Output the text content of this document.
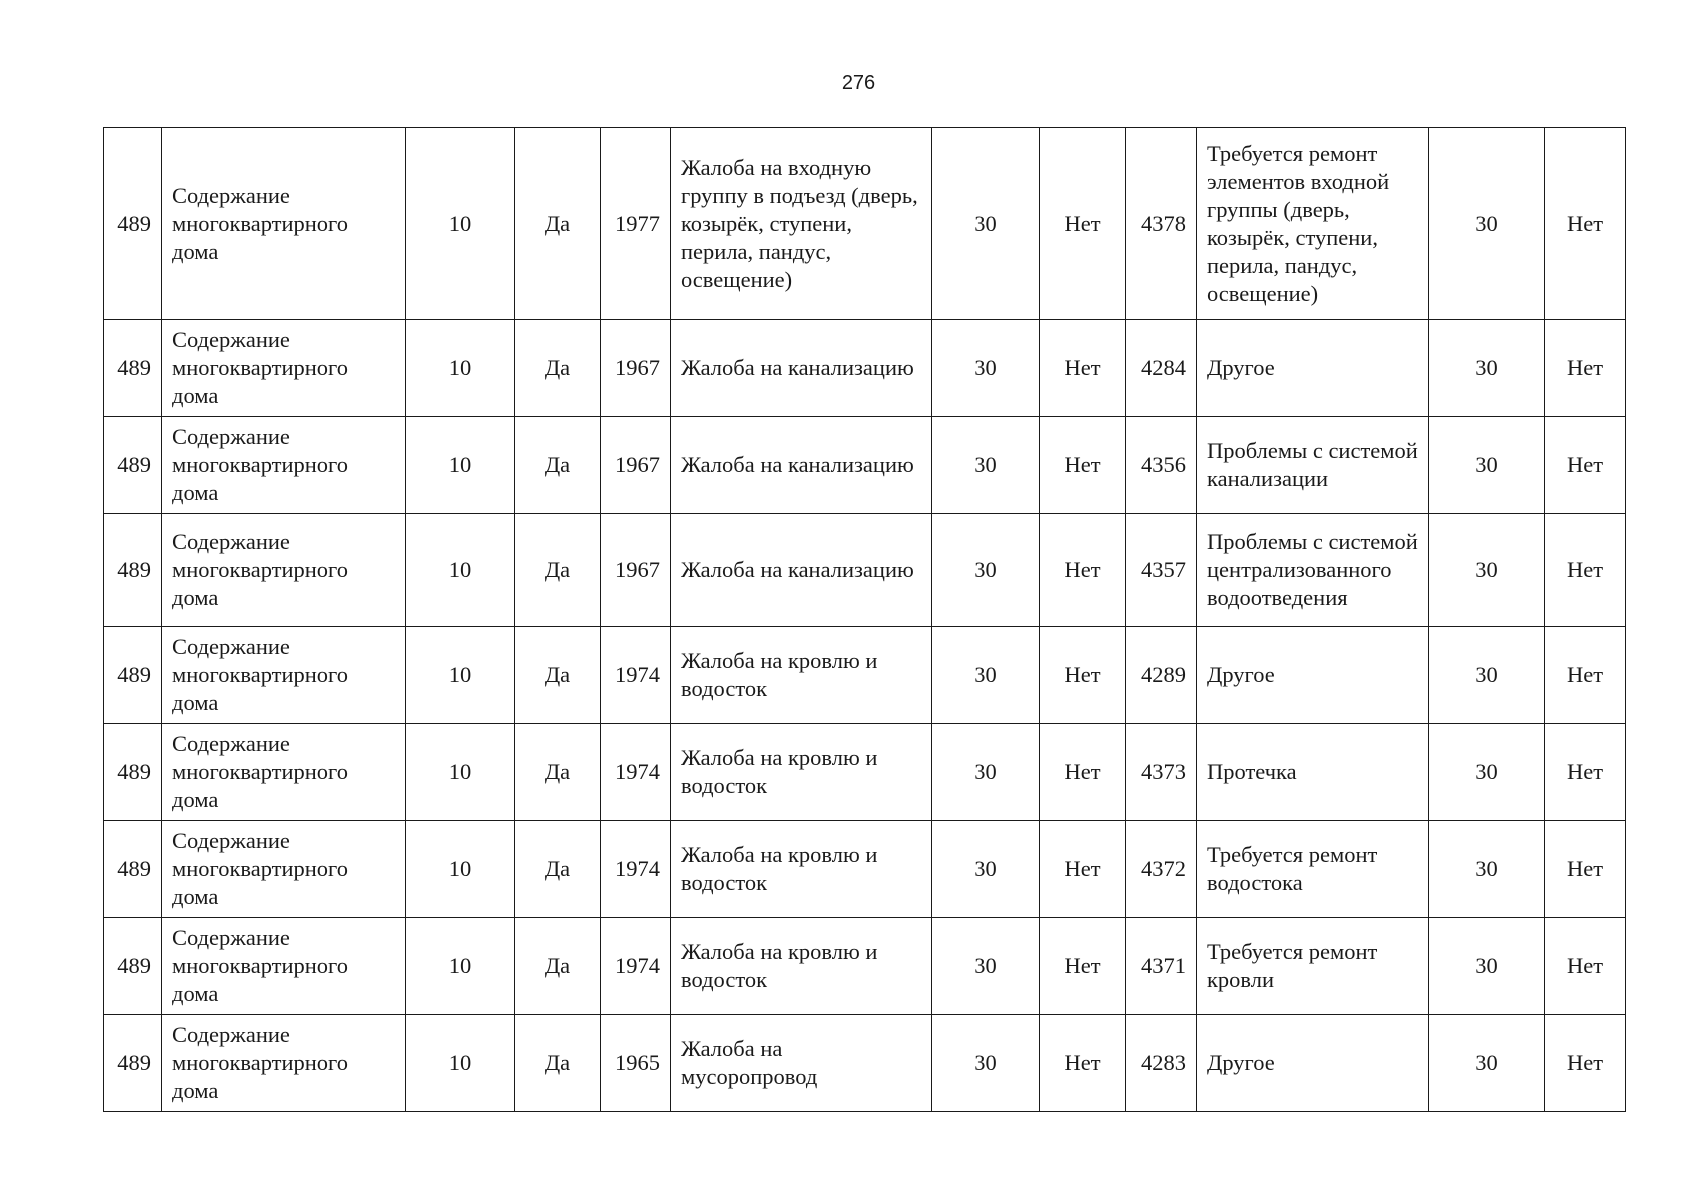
276
489	Содержание многоквартирного дома	10	Да	1977	Жалоба на входную группу в подъезд (дверь, козырёк, ступени, перила, пандус, освещение)	30	Нет	4378	Требуется ремонт элементов входной группы (дверь, козырёк, ступени, перила, пандус, освещение)	30	Нет
489	Содержание многоквартирного дома	10	Да	1967	Жалоба на канализацию	30	Нет	4284	Другое	30	Нет
489	Содержание многоквартирного дома	10	Да	1967	Жалоба на канализацию	30	Нет	4356	Проблемы с системой канализации	30	Нет
489	Содержание многоквартирного дома	10	Да	1967	Жалоба на канализацию	30	Нет	4357	Проблемы с системой централизованного водоотведения	30	Нет
489	Содержание многоквартирного дома	10	Да	1974	Жалоба на кровлю и водосток	30	Нет	4289	Другое	30	Нет
489	Содержание многоквартирного дома	10	Да	1974	Жалоба на кровлю и водосток	30	Нет	4373	Протечка	30	Нет
489	Содержание многоквартирного дома	10	Да	1974	Жалоба на кровлю и водосток	30	Нет	4372	Требуется ремонт водостока	30	Нет
489	Содержание многоквартирного дома	10	Да	1974	Жалоба на кровлю и водосток	30	Нет	4371	Требуется ремонт кровли	30	Нет
489	Содержание многоквартирного дома	10	Да	1965	Жалоба на мусоропровод	30	Нет	4283	Другое	30	Нет
